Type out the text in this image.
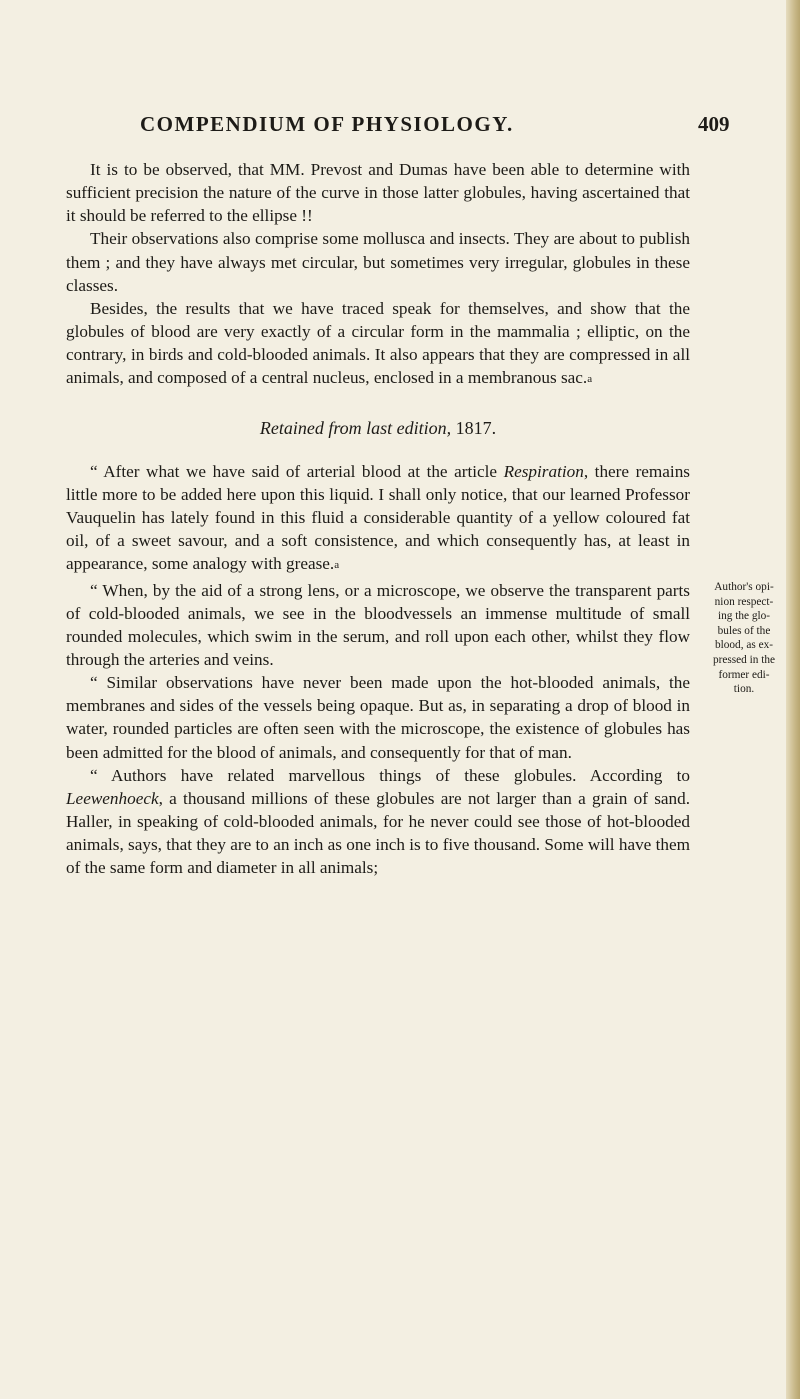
COMPENDIUM OF PHYSIOLOGY.	409

It is to be observed, that MM. Prevost and Dumas have been able to determine with sufficient precision the nature of the curve in those latter globules, having ascertained that it should be referred to the ellipse !!

Their observations also comprise some mollusca and insects. They are about to publish them ; and they have always met circular, but sometimes very irregular, globules in these classes.

Besides, the results that we have traced speak for themselves, and show that the globules of blood are very exactly of a circular form in the mammalia ; elliptic, on the contrary, in birds and cold-blooded animals. It also appears that they are compressed in all animals, and composed of a central nucleus, enclosed in a membranous sac.$^a$

Retained from last edition, 1817.

“ After what we have said of arterial blood at the article Respiration, there remains little more to be added here upon this liquid. I shall only notice, that our learned Professor Vauquelin has lately found in this fluid a considerable quantity of a yellow coloured fat oil, of a sweet savour, and a soft consistence, and which consequently has, at least in appearance, some analogy with grease.$^a$

“ When, by the aid of a strong lens, or a microscope, we observe the transparent parts of cold-blooded animals, we see in the bloodvessels an immense multitude of small rounded molecules, which swim in the serum, and roll upon each other, whilst they flow through the arteries and veins.

“ Similar observations have never been made upon the hot-blooded animals, the membranes and sides of the vessels being opaque. But as, in separating a drop of blood in water, rounded particles are often seen with the microscope, the existence of globules has been admitted for the blood of animals, and consequently for that of man.

“ Authors have related marvellous things of these globules. According to Leewenhoeck, a thousand millions of these globules are not larger than a grain of sand. Haller, in speaking of cold-blooded animals, for he never could see those of hot-blooded animals, says, that they are to an inch as one inch is to five thousand. Some will have them of the same form and diameter in all animals;

Author's opi-
nion respect-
ing the glo-
bules of the
blood, as ex-
pressed in the
former edi-
tion.
